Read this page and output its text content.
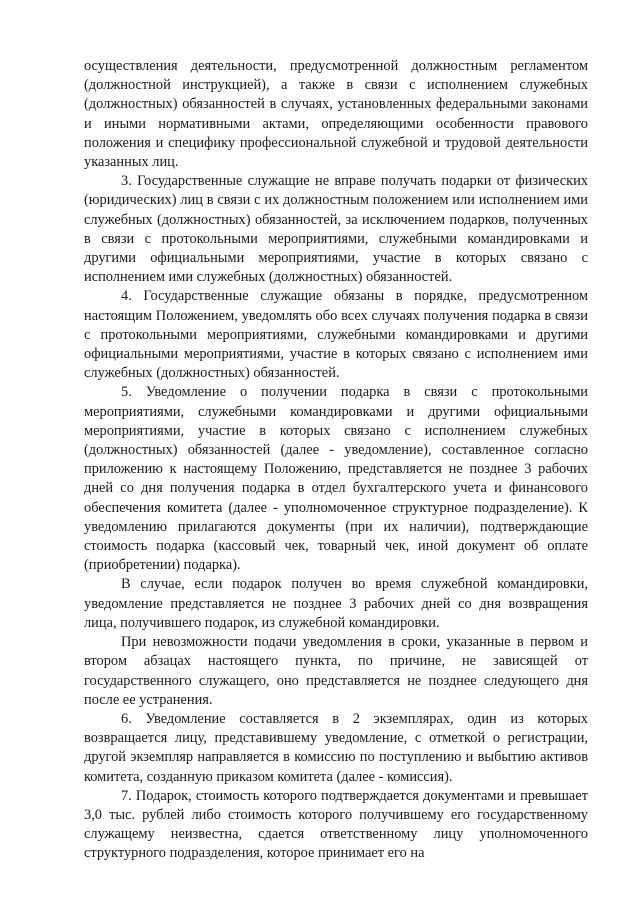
осуществления деятельности, предусмотренной должностным регламентом (должностной инструкцией), а также в связи с исполнением служебных (должностных) обязанностей в случаях, установленных федеральными законами и иными нормативными актами, определяющими особенности правового положения и специфику профессиональной служебной и трудовой деятельности указанных лиц.

3. Государственные служащие не вправе получать подарки от физических (юридических) лиц в связи с их должностным положением или исполнением ими служебных (должностных) обязанностей, за исключением подарков, полученных в связи с протокольными мероприятиями, служебными командировками и другими официальными мероприятиями, участие в которых связано с исполнением ими служебных (должностных) обязанностей.

4. Государственные служащие обязаны в порядке, предусмотренном настоящим Положением, уведомлять обо всех случаях получения подарка в связи с протокольными мероприятиями, служебными командировками и другими официальными мероприятиями, участие в которых связано с исполнением ими служебных (должностных) обязанностей.

5. Уведомление о получении подарка в связи с протокольными мероприятиями, служебными командировками и другими официальными мероприятиями, участие в которых связано с исполнением служебных (должностных) обязанностей (далее - уведомление), составленное согласно приложению к настоящему Положению, представляется не позднее 3 рабочих дней со дня получения подарка в отдел бухгалтерского учета и финансового обеспечения комитета (далее - уполномоченное структурное подразделение). К уведомлению прилагаются документы (при их наличии), подтверждающие стоимость подарка (кассовый чек, товарный чек, иной документ об оплате (приобретении) подарка).

В случае, если подарок получен во время служебной командировки, уведомление представляется не позднее 3 рабочих дней со дня возвращения лица, получившего подарок, из служебной командировки.

При невозможности подачи уведомления в сроки, указанные в первом и втором абзацах настоящего пункта, по причине, не зависящей от государственного служащего, оно представляется не позднее следующего дня после ее устранения.

6. Уведомление составляется в 2 экземплярах, один из которых возвращается лицу, представившему уведомление, с отметкой о регистрации, другой экземпляр направляется в комиссию по поступлению и выбытию активов комитета, созданную приказом комитета (далее - комиссия).

7. Подарок, стоимость которого подтверждается документами и превышает 3,0 тыс. рублей либо стоимость которого получившему его государственному служащему неизвестна, сдается ответственному лицу уполномоченного структурного подразделения, которое принимает его на
